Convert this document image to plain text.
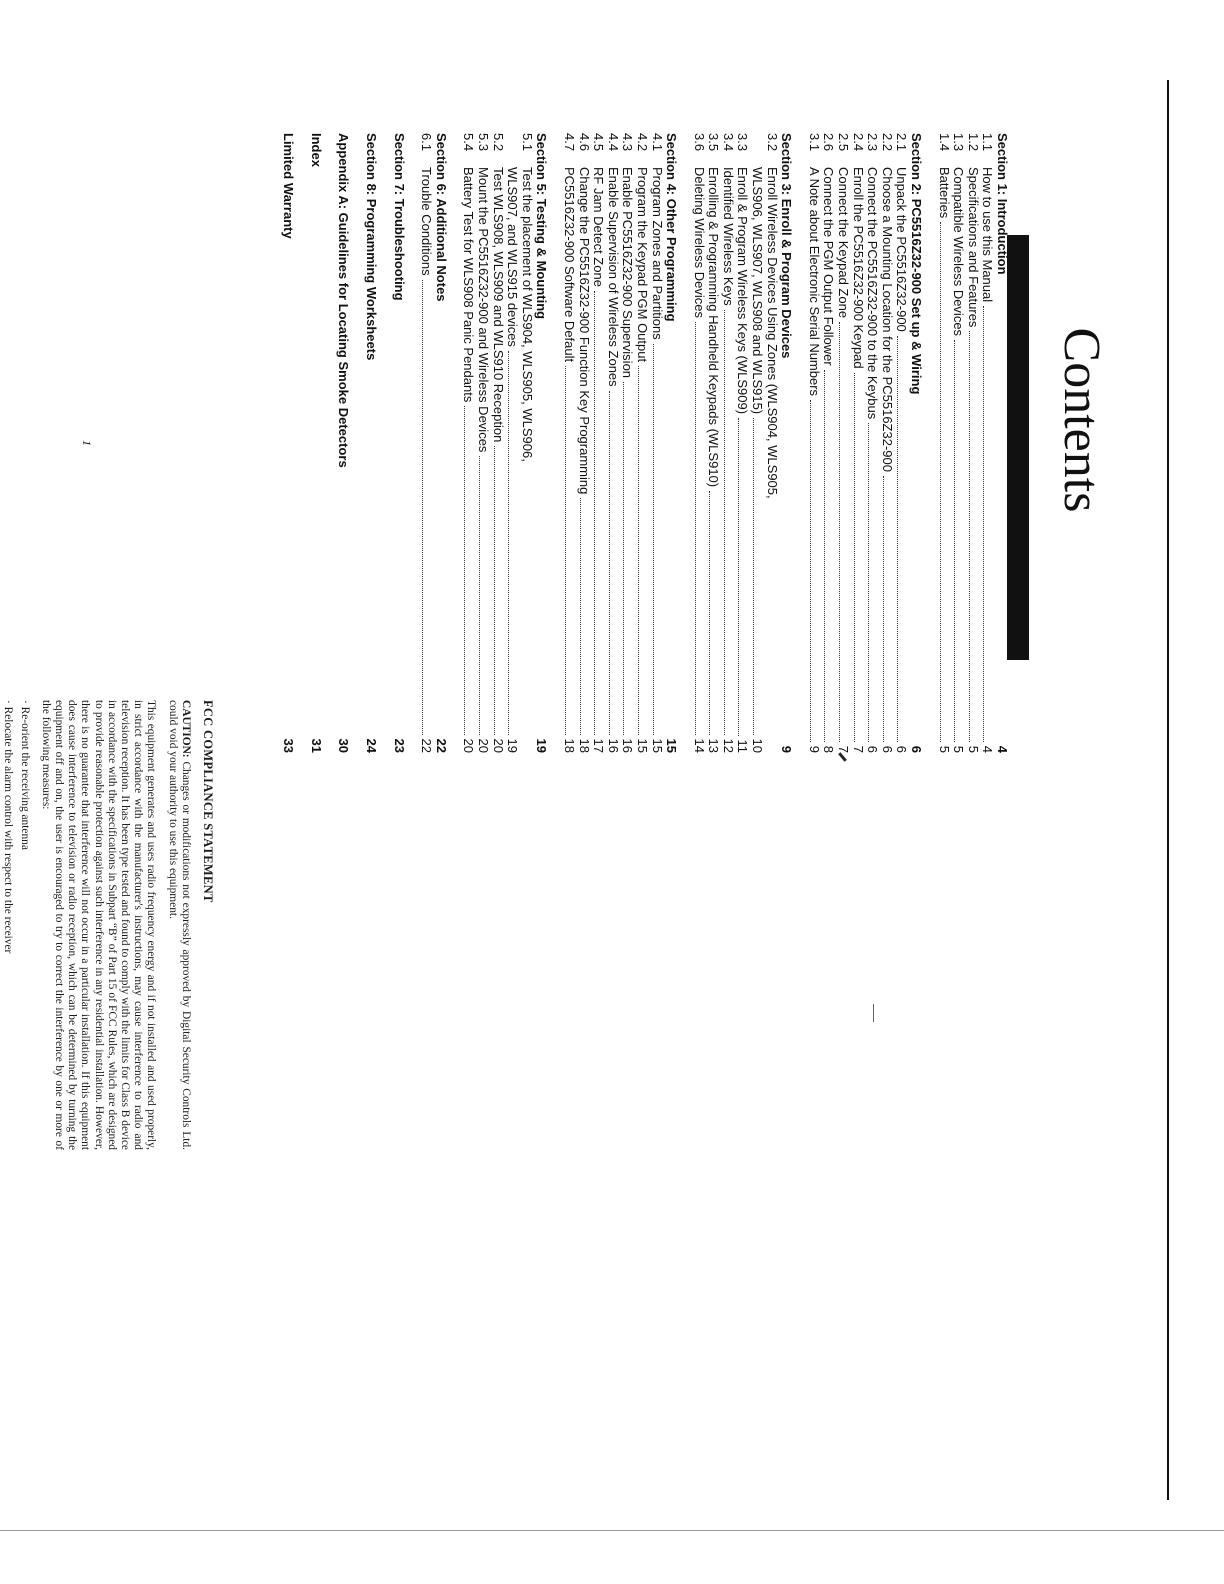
Contents
Section 1: Introduction
4
1.1
How to use this Manual
4
1.2
Specifications and Features
5
1.3
Compatible Wireless Devices
5
1.4
Batteries
5
Section 2: PC5516Z32-900 Set up & Wiring
6
2.1
Unpack the PC5516Z32-900
6
2.2
Choose a Mounting Location for the PC5516Z32-900
6
2.3
Connect the PC5516Z32-900 to the Keybus
6
2.4
Enroll the PC5516Z32-900 Keypad
7
2.5
Connect the Keypad Zone
7
2.6
Connect the PGM Output Follower
8
3.1
A Note about Electronic Serial Numbers
9
Section 3: Enroll & Program Devices
9
3.2
Enroll Wireless Devices Using Zones (WLS904, WLS905,
WLS906, WLS907, WLS908 and WLS915)
10
3.3
Enroll & Program Wireless Keys (WLS909)
11
3.4
Identified Wireless Keys
12
3.5
Enrolling & Programming Handheld Keypads (WLS910)
13
3.6
Deleting Wireless Devices
14
Section 4: Other Programming
15
4.1
Program Zones and Partitions
15
4.2
Program the Keypad PGM Output
15
4.3
Enable PC5516Z32-900 Supervision
16
4.4
Enable Supervision of Wireless Zones
16
4.5
RF Jam Detect Zone
17
4.6
Change the PC5516Z32-900 Function Key Programming
18
4.7
PC5516Z32-900 Software Default
18
Section 5: Testing & Mounting
19
5.1
Test the placement of WLS904, WLS905, WLS906,
WLS907, and WLS915 devices
19
5.2
Test WLS908, WLS909 and WLS910 Reception
20
5.3
Mount the PC5516Z32-900 and Wireless Devices
20
5.4
Battery Test for WLS908 Panic Pendants
20
Section 6: Additional Notes
22
6.1
Trouble Conditions
22
Section 7: Troubleshooting
23
Section 8: Programming Worksheets
24
Appendix A: Guidelines for Locating Smoke Detectors
30
Index
31
Limited Warranty
33
1
FCC COMPLIANCE STATEMENT

CAUTION: Changes or modifications not expressly approved by Digital Security Controls Ltd. could void your authority to use this equipment.

This equipment generates and uses radio frequency energy and if not installed and used properly, in strict accordance with the manufacturer's instructions, may cause interference to radio and television reception. It has been type tested and found to comply with the limits for Class B device in accordance with the specifications in Subpart “B” of Part 15 of FCC Rules, which are designed to provide reasonable protection against such interference in any residential installation. However, there is no guarantee that interference will not occur in a particular installation. If this equipment does cause interference to television or radio reception, which can be determined by turning the equipment off and on, the user is encouraged to try to correct the interference by one or more of the following measures:

· Re-orient the receiving antenna
· Relocate the alarm control with respect to the receiver
